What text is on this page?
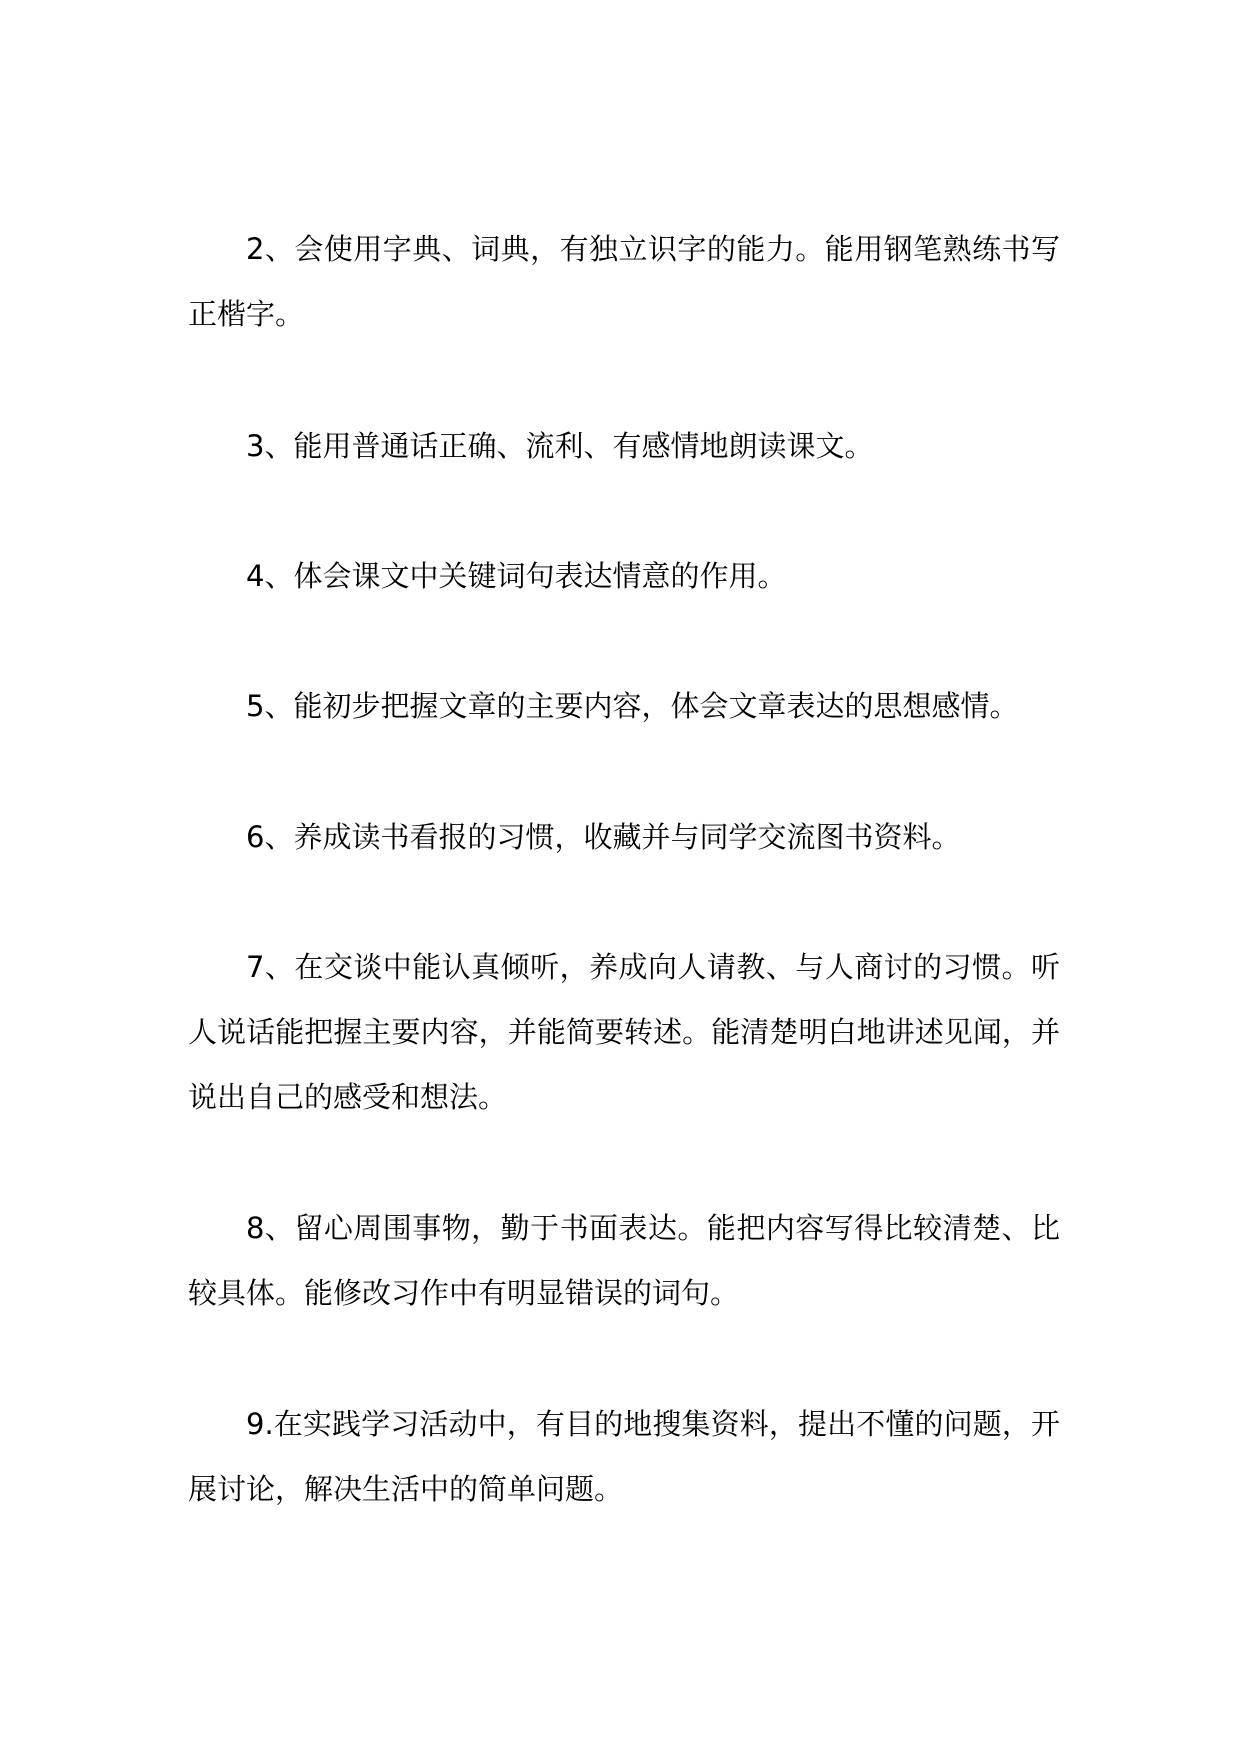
2、会使用字典、词典，有独立识字的能力。能用钢笔熟练书写正楷字。

3、能用普通话正确、流利、有感情地朗读课文。

4、体会课文中关键词句表达情意的作用。

5、能初步把握文章的主要内容，体会文章表达的思想感情。

6、养成读书看报的习惯，收藏并与同学交流图书资料。

7、在交谈中能认真倾听，养成向人请教、与人商讨的习惯。听人说话能把握主要内容，并能简要转述。能清楚明白地讲述见闻，并说出自己的感受和想法。

8、留心周围事物，勤于书面表达。能把内容写得比较清楚、比较具体。能修改习作中有明显错误的词句。

9.在实践学习活动中，有目的地搜集资料，提出不懂的问题，开展讨论，解决生活中的简单问题。
